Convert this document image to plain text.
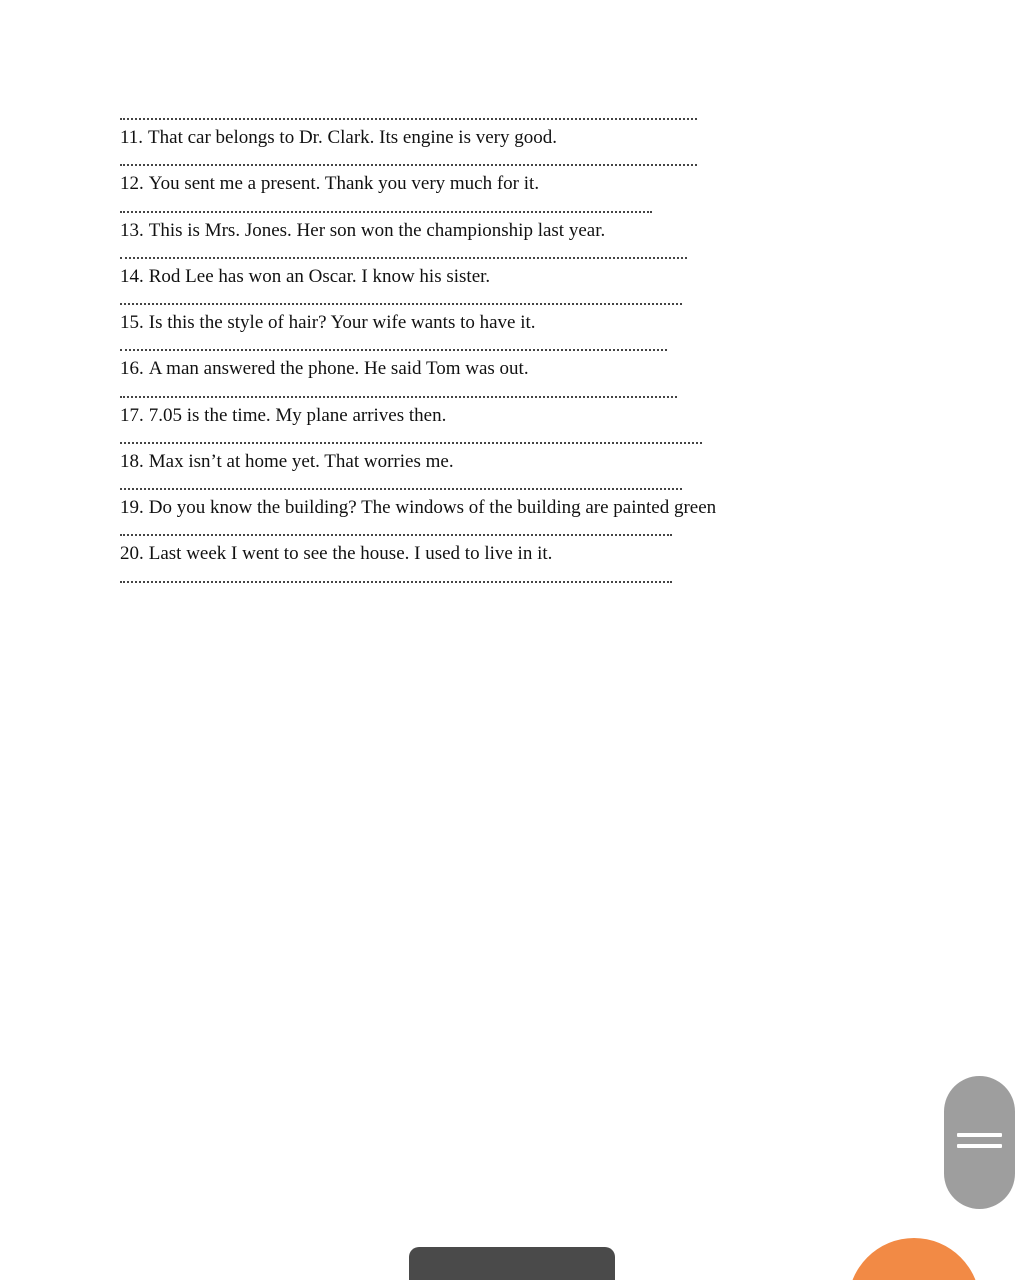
11. That car belongs to Dr. Clark. Its engine is very good.
12. You sent me a present. Thank you very much for it.
13. This is Mrs. Jones. Her son won the championship last year.
14. Rod Lee has won an Oscar. I know his sister.
15. Is this the style of hair? Your wife wants to have it.
16. A man answered the phone. He said Tom was out.
17. 7.05 is the time. My plane arrives then.
18. Max isn’t at home yet. That worries me.
19. Do you know the building? The windows of the building are painted green
20. Last week I went to see the house. I used to live in it.
